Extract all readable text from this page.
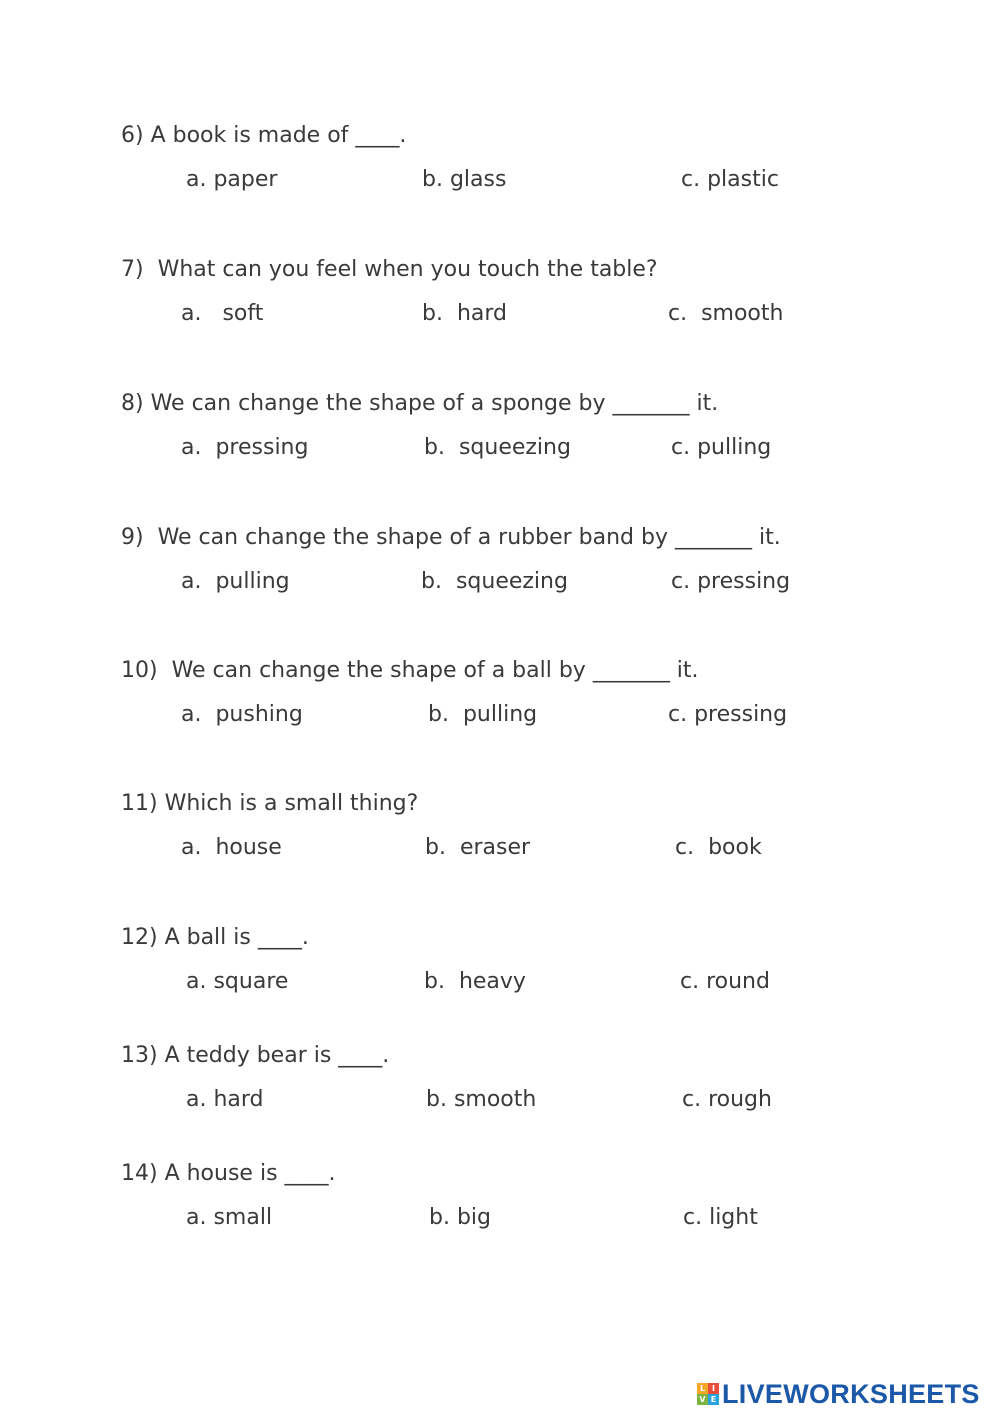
6) A book is made of ____.

a. paper	b. glass	c. plastic

7)  What can you feel when you touch the table?

a.   soft	b.  hard	c.  smooth

8) We can change the shape of a sponge by _______ it.

a.  pressing	b.  squeezing	c. pulling

9)  We can change the shape of a rubber band by _______ it.

a.  pulling	b.  squeezing	c. pressing

10)  We can change the shape of a ball by _______ it.

a.  pushing	b.  pulling	c. pressing

11) Which is a small thing?

a.  house	b.  eraser	c.  book

12) A ball is ____.

a. square	b.  heavy	c. round

13) A teddy bear is ____.

a. hard	b. smooth	c. rough

14) A house is ____.

a. small	b. big	c. light
L I
V E LIVEWORKSHEETS
